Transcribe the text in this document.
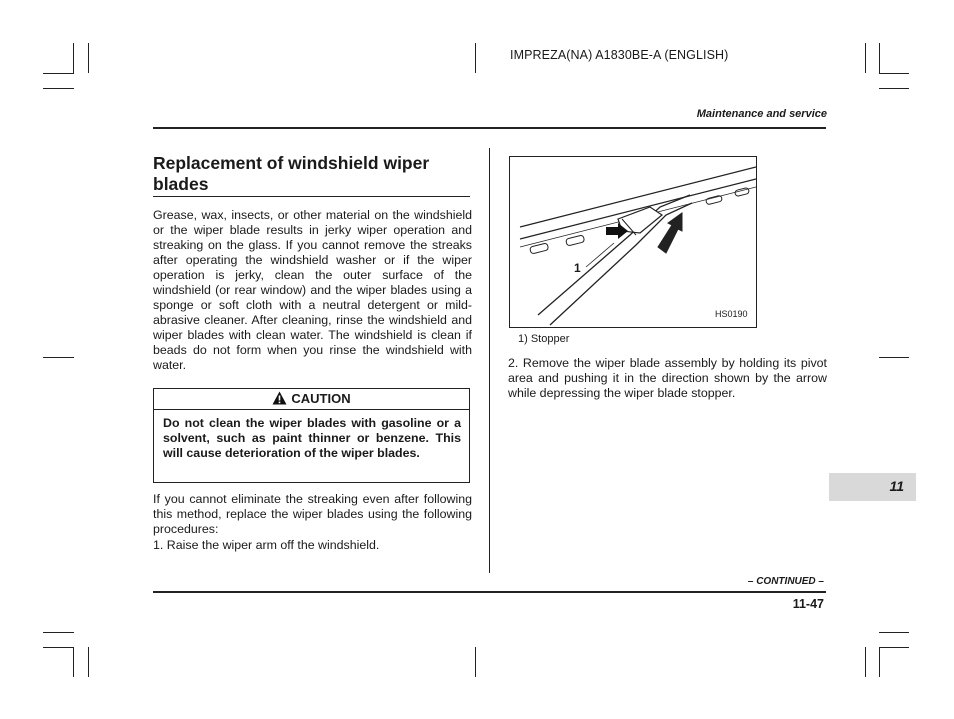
IMPREZA(NA) A1830BE-A (ENGLISH)
Maintenance and service
Replacement of windshield wiper blades
Grease, wax, insects, or other material on the windshield or the wiper blade results in jerky wiper operation and streaking on the glass. If you cannot remove the streaks after operating the windshield washer or if the wiper operation is jerky, clean the outer surface of the windshield (or rear window) and the wiper blades using a sponge or soft cloth with a neutral detergent or mild-abrasive cleaner. After cleaning, rinse the windshield and wiper blades with clean water. The windshield is clean if beads do not form when you rinse the windshield with water.
CAUTION
Do not clean the wiper blades with gasoline or a solvent, such as paint thinner or benzene. This will cause deterioration of the wiper blades.
If you cannot eliminate the streaking even after following this method, replace the wiper blades using the following procedures:
1. Raise the wiper arm off the windshield.
1
HS0190
1) Stopper
2. Remove the wiper blade assembly by holding its pivot area and pushing it in the direction shown by the arrow while depressing the wiper blade stopper.
11
– CONTINUED –
11-47
